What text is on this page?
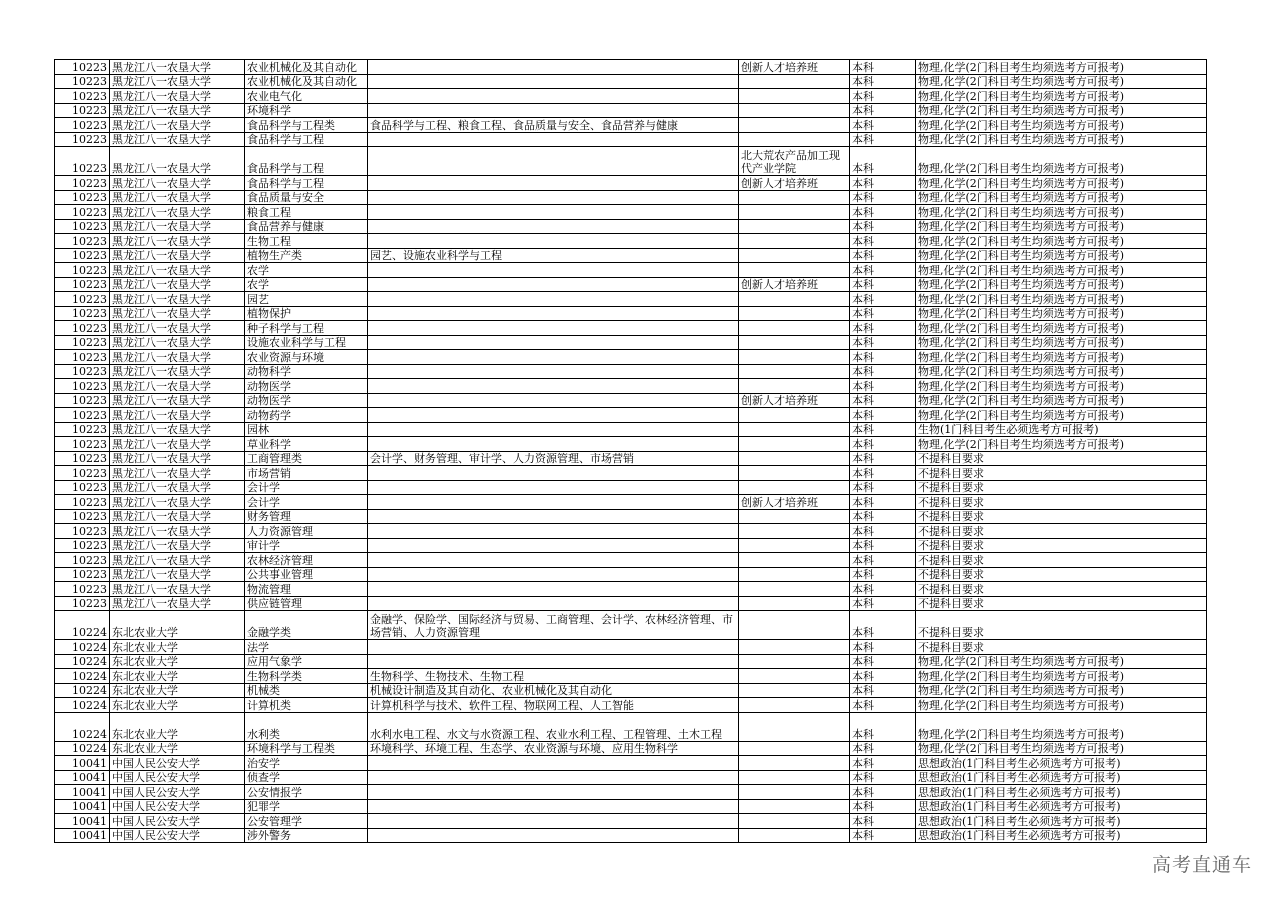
10223	黑龙江八一农垦大学	农业机械化及其自动化		创新人才培养班	本科	物理,化学(2门科目考生均须选考方可报考)
10223	黑龙江八一农垦大学	农业机械化及其自动化			本科	物理,化学(2门科目考生均须选考方可报考)
10223	黑龙江八一农垦大学	农业电气化			本科	物理,化学(2门科目考生均须选考方可报考)
10223	黑龙江八一农垦大学	环境科学			本科	物理,化学(2门科目考生均须选考方可报考)
10223	黑龙江八一农垦大学	食品科学与工程类	食品科学与工程、粮食工程、食品质量与安全、食品营养与健康		本科	物理,化学(2门科目考生均须选考方可报考)
10223	黑龙江八一农垦大学	食品科学与工程			本科	物理,化学(2门科目考生均须选考方可报考)
10223	黑龙江八一农垦大学	食品科学与工程		北大荒农产品加工现代产业学院	本科	物理,化学(2门科目考生均须选考方可报考)
10223	黑龙江八一农垦大学	食品科学与工程		创新人才培养班	本科	物理,化学(2门科目考生均须选考方可报考)
10223	黑龙江八一农垦大学	食品质量与安全			本科	物理,化学(2门科目考生均须选考方可报考)
10223	黑龙江八一农垦大学	粮食工程			本科	物理,化学(2门科目考生均须选考方可报考)
10223	黑龙江八一农垦大学	食品营养与健康			本科	物理,化学(2门科目考生均须选考方可报考)
10223	黑龙江八一农垦大学	生物工程			本科	物理,化学(2门科目考生均须选考方可报考)
10223	黑龙江八一农垦大学	植物生产类	园艺、设施农业科学与工程		本科	物理,化学(2门科目考生均须选考方可报考)
10223	黑龙江八一农垦大学	农学			本科	物理,化学(2门科目考生均须选考方可报考)
10223	黑龙江八一农垦大学	农学		创新人才培养班	本科	物理,化学(2门科目考生均须选考方可报考)
10223	黑龙江八一农垦大学	园艺			本科	物理,化学(2门科目考生均须选考方可报考)
10223	黑龙江八一农垦大学	植物保护			本科	物理,化学(2门科目考生均须选考方可报考)
10223	黑龙江八一农垦大学	种子科学与工程			本科	物理,化学(2门科目考生均须选考方可报考)
10223	黑龙江八一农垦大学	设施农业科学与工程			本科	物理,化学(2门科目考生均须选考方可报考)
10223	黑龙江八一农垦大学	农业资源与环境			本科	物理,化学(2门科目考生均须选考方可报考)
10223	黑龙江八一农垦大学	动物科学			本科	物理,化学(2门科目考生均须选考方可报考)
10223	黑龙江八一农垦大学	动物医学			本科	物理,化学(2门科目考生均须选考方可报考)
10223	黑龙江八一农垦大学	动物医学		创新人才培养班	本科	物理,化学(2门科目考生均须选考方可报考)
10223	黑龙江八一农垦大学	动物药学			本科	物理,化学(2门科目考生均须选考方可报考)
10223	黑龙江八一农垦大学	园林			本科	生物(1门科目考生必须选考方可报考)
10223	黑龙江八一农垦大学	草业科学			本科	物理,化学(2门科目考生均须选考方可报考)
10223	黑龙江八一农垦大学	工商管理类	会计学、财务管理、审计学、人力资源管理、市场营销		本科	不提科目要求
10223	黑龙江八一农垦大学	市场营销			本科	不提科目要求
10223	黑龙江八一农垦大学	会计学			本科	不提科目要求
10223	黑龙江八一农垦大学	会计学		创新人才培养班	本科	不提科目要求
10223	黑龙江八一农垦大学	财务管理			本科	不提科目要求
10223	黑龙江八一农垦大学	人力资源管理			本科	不提科目要求
10223	黑龙江八一农垦大学	审计学			本科	不提科目要求
10223	黑龙江八一农垦大学	农林经济管理			本科	不提科目要求
10223	黑龙江八一农垦大学	公共事业管理			本科	不提科目要求
10223	黑龙江八一农垦大学	物流管理			本科	不提科目要求
10223	黑龙江八一农垦大学	供应链管理			本科	不提科目要求
10224	东北农业大学	金融学类	金融学、保险学、国际经济与贸易、工商管理、会计学、农林经济管理、市场营销、人力资源管理		本科	不提科目要求
10224	东北农业大学	法学			本科	不提科目要求
10224	东北农业大学	应用气象学			本科	物理,化学(2门科目考生均须选考方可报考)
10224	东北农业大学	生物科学类	生物科学、生物技术、生物工程		本科	物理,化学(2门科目考生均须选考方可报考)
10224	东北农业大学	机械类	机械设计制造及其自动化、农业机械化及其自动化		本科	物理,化学(2门科目考生均须选考方可报考)
10224	东北农业大学	计算机类	计算机科学与技术、软件工程、物联网工程、人工智能		本科	物理,化学(2门科目考生均须选考方可报考)
10224	东北农业大学	水利类	水利水电工程、水文与水资源工程、农业水利工程、工程管理、土木工程		本科	物理,化学(2门科目考生均须选考方可报考)
10224	东北农业大学	环境科学与工程类	环境科学、环境工程、生态学、农业资源与环境、应用生物科学		本科	物理,化学(2门科目考生均须选考方可报考)
10041	中国人民公安大学	治安学			本科	思想政治(1门科目考生必须选考方可报考)
10041	中国人民公安大学	侦查学			本科	思想政治(1门科目考生必须选考方可报考)
10041	中国人民公安大学	公安情报学			本科	思想政治(1门科目考生必须选考方可报考)
10041	中国人民公安大学	犯罪学			本科	思想政治(1门科目考生必须选考方可报考)
10041	中国人民公安大学	公安管理学			本科	思想政治(1门科目考生必须选考方可报考)
10041	中国人民公安大学	涉外警务			本科	思想政治(1门科目考生必须选考方可报考)
高考直通车
